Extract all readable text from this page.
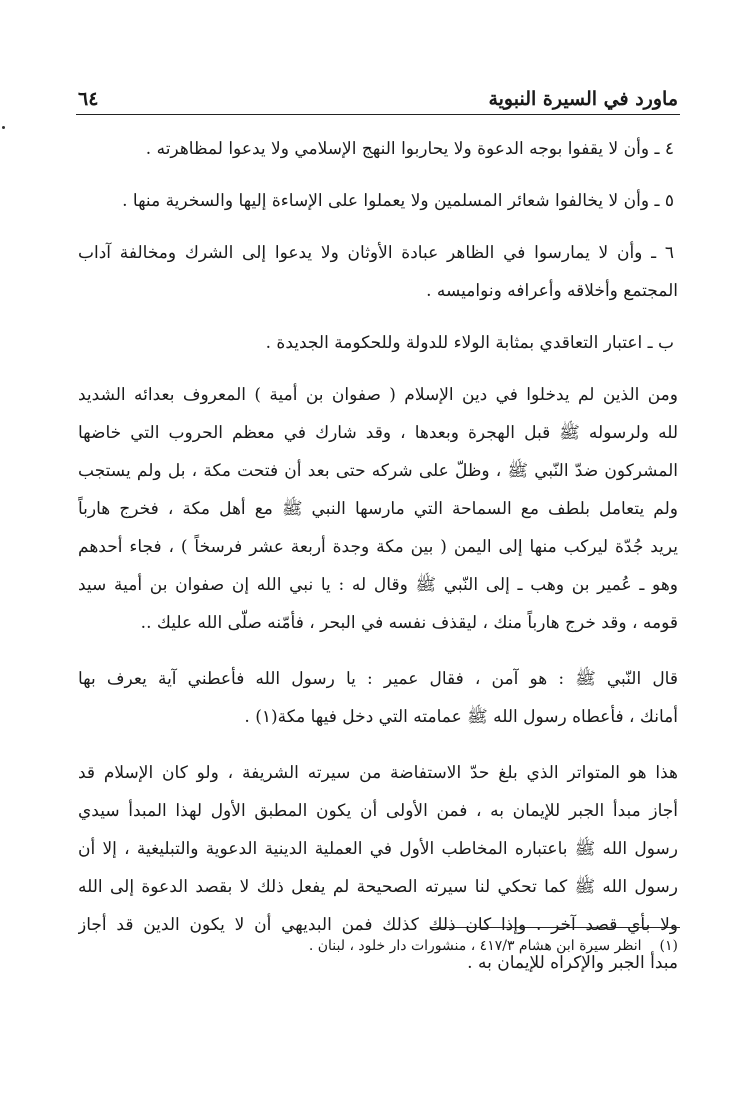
ماورد في السيرة النبوية
٦٤
٤ ـ وأن لا يقفوا بوجه الدعوة ولا يحاربوا النهج الإسلامي ولا يدعوا لمظاهرته .
٥ ـ وأن لا يخالفوا شعائر المسلمين ولا يعملوا على الإساءة إليها والسخرية منها .
٦ ـ وأن لا يمارسوا في الظاهر عبادة الأوثان ولا يدعوا إلى الشرك ومخالفة آداب
المجتمع وأخلاقه وأعرافه ونواميسه .
ب ـ اعتبار التعاقدي بمثابة الولاء للدولة وللحكومة الجديدة .
ومن الذين لم يدخلوا في دين الإسلام ( صفوان بن أمية ) المعروف بعدائه الشديد
لله ولرسوله ﷺ قبل الهجرة وبعدها ، وقد شارك في معظم الحروب التي خاضها
المشركون ضدّ النّبي ﷺ ، وظلّ على شركه حتى بعد أن فتحت مكة ، بل ولم يستجب
ولم يتعامل بلطف مع السماحة التي مارسها النبي ﷺ مع أهل مكة ، فخرج هارباً
يريد جُدّة ليركب منها إلى اليمن ( بين مكة وجدة أربعة عشر فرسخاً ) ، فجاء أحدهم
وهو ـ عُمير بن وهب ـ إلى النّبي ﷺ وقال له : يا نبي الله إن صفوان بن أمية سيد
قومه ، وقد خرج هارباً منك ، ليقذف نفسه في البحر ، فأمّنه صلّى الله عليك ..
قال النّبي ﷺ : هو آمن ، فقال عمير : يا رسول الله فأعطني آية يعرف بها
أمانك ، فأعطاه رسول الله ﷺ عمامته التي دخل فيها مكة(١) .
هذا هو المتواتر الذي بلغ حدّ الاستفاضة من سيرته الشريفة ، ولو كان الإسلام قد
أجاز مبدأ الجبر للإيمان به ، فمن الأولى أن يكون المطبق الأول لهذا المبدأ سيدي
رسول الله ﷺ باعتباره المخاطب الأول في العملية الدينية الدعوية والتبليغية ، إلا أن
رسول الله ﷺ كما تحكي لنا سيرته الصحيحة لم يفعل ذلك لا بقصد الدعوة إلى الله
ولا بأي قصد آخر . وإذا كان ذلك كذلك فمن البديهي أن لا يكون الدين قد أجاز
مبدأ الجبر والإكراه للإيمان به .
(١)انظر سيرة ابن هشام ٤١٧/٣ ، منشورات دار خلود ، لبنان .
